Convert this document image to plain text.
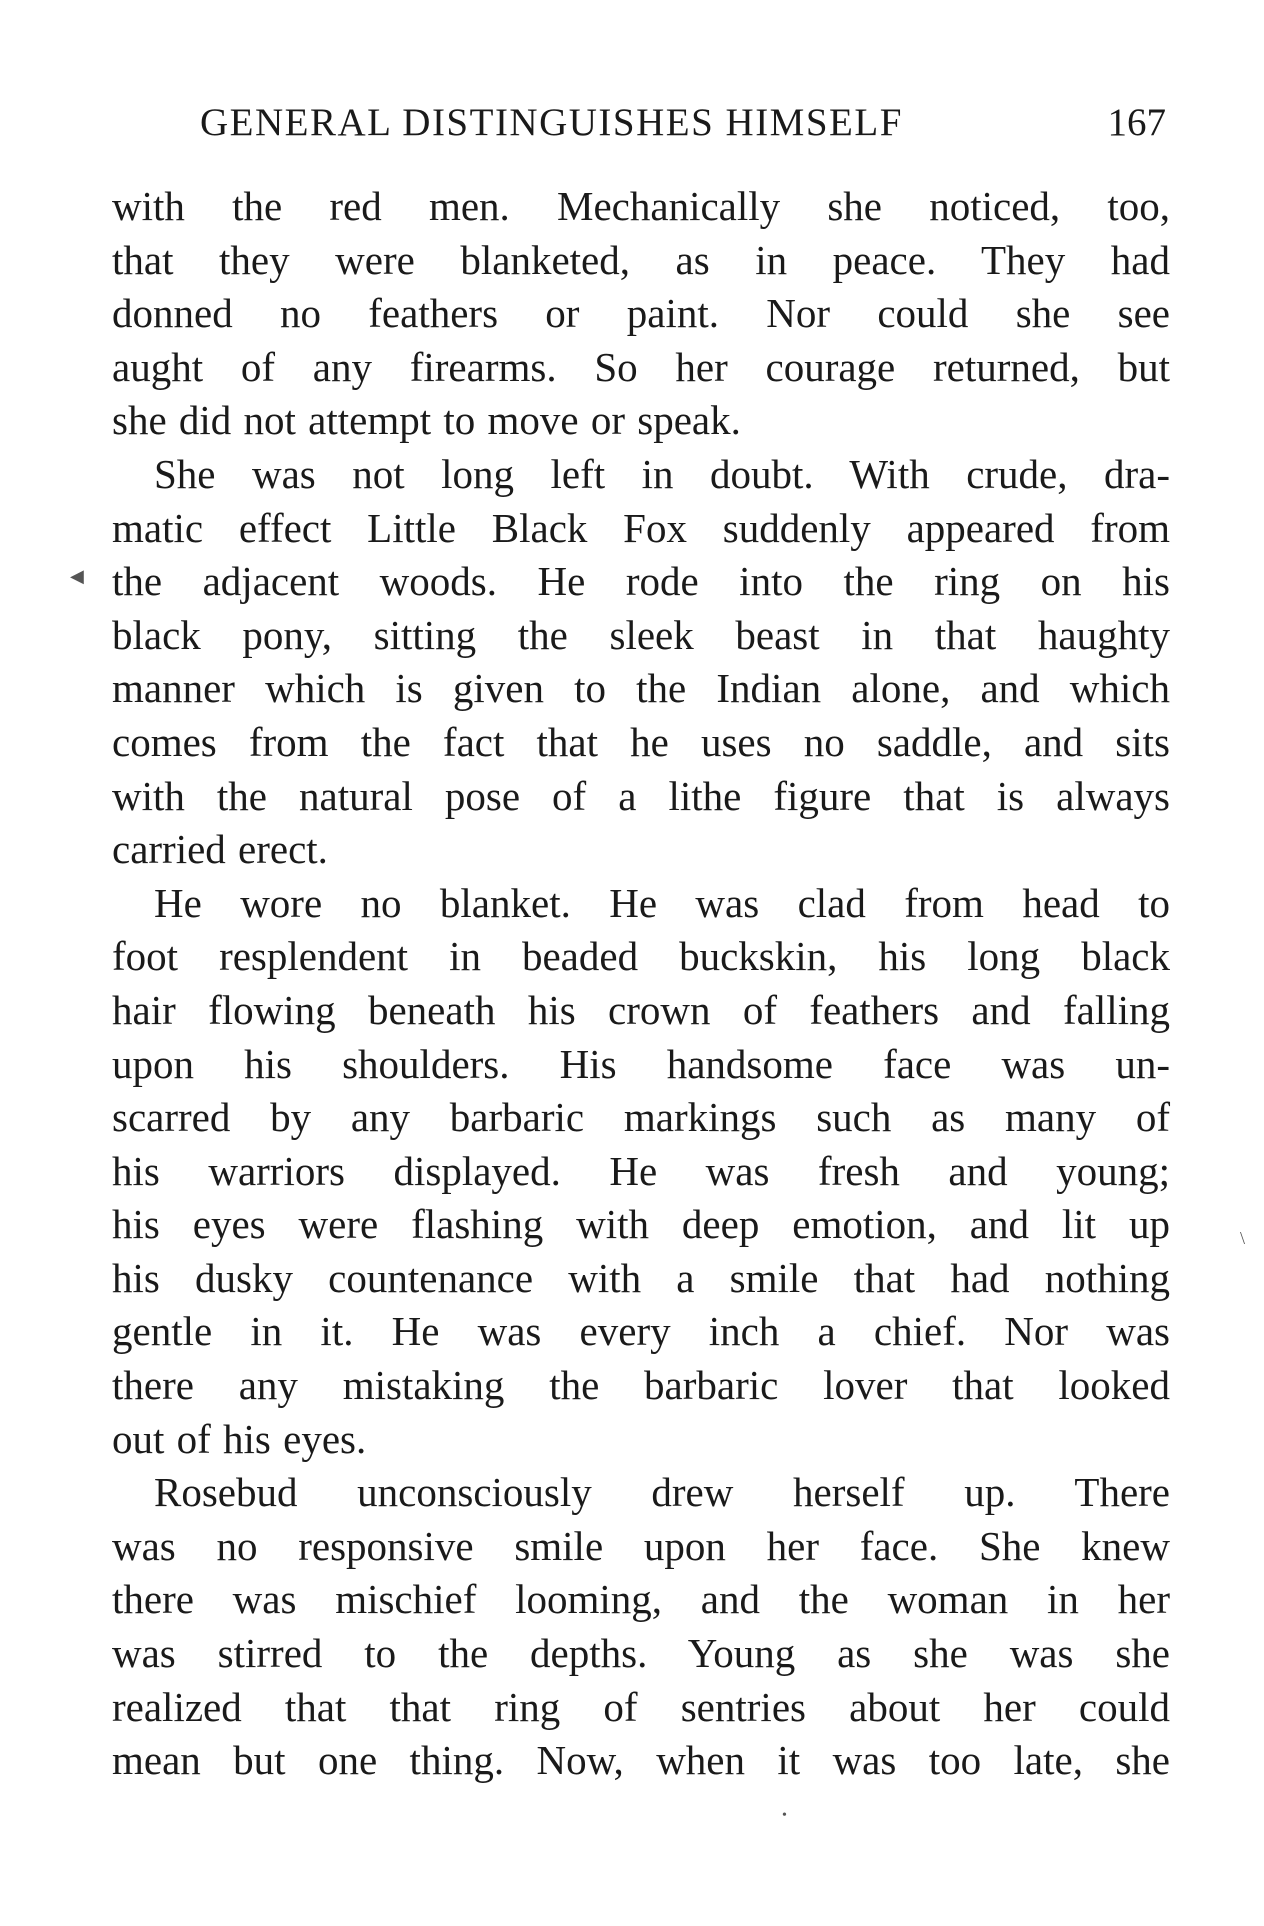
GENERAL DISTINGUISHES HIMSELF	167

with the red men. Mechanically she noticed, too,
that they were blanketed, as in peace. They had
donned no feathers or paint. Nor could she see
aught of any firearms. So her courage returned, but
she did not attempt to move or speak.

She was not long left in doubt. With crude, dra-
matic effect Little Black Fox suddenly appeared from
the adjacent woods. He rode into the ring on his
black pony, sitting the sleek beast in that haughty
manner which is given to the Indian alone, and which
comes from the fact that he uses no saddle, and sits
with the natural pose of a lithe figure that is always
carried erect.

He wore no blanket. He was clad from head to
foot resplendent in beaded buckskin, his long black
hair flowing beneath his crown of feathers and falling
upon his shoulders. His handsome face was un-
scarred by any barbaric markings such as many of
his warriors displayed. He was fresh and young;
his eyes were flashing with deep emotion, and lit up
his dusky countenance with a smile that had nothing
gentle in it. He was every inch a chief. Nor was
there any mistaking the barbaric lover that looked
out of his eyes.

Rosebud unconsciously drew herself up. There
was no responsive smile upon her face. She knew
there was mischief looming, and the woman in her
was stirred to the depths. Young as she was she
realized that that ring of sentries about her could
mean but one thing. Now, when it was too late, she

◀
\
•
